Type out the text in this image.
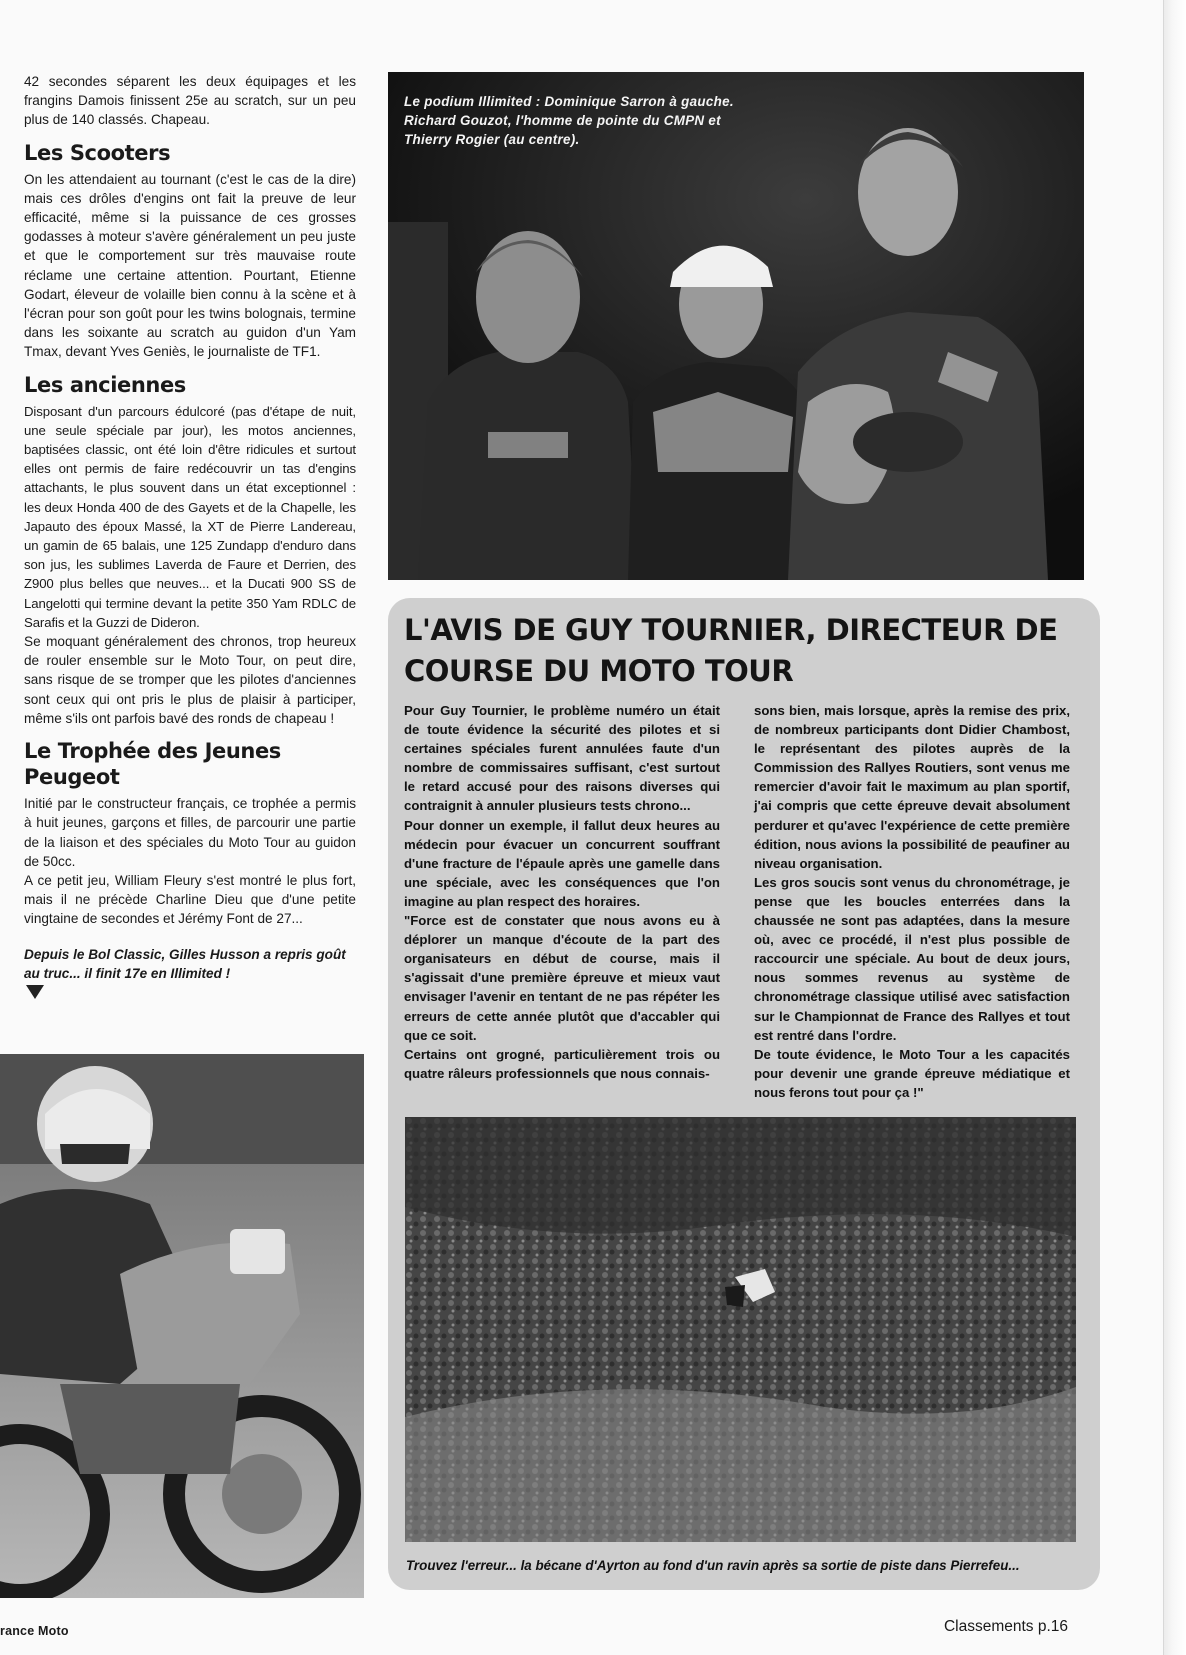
42 secondes séparent les deux équipages et les frangins Damois finissent 25e au scratch, sur un peu plus de 140 classés. Chapeau.

Les Scooters

On les attendaient au tournant (c'est le cas de la dire) mais ces drôles d'engins ont fait la preuve de leur efficacité, même si la puissance de ces grosses godasses à moteur s'avère généralement un peu juste et que le comportement sur très mauvaise route réclame une certaine attention. Pourtant, Etienne Godart, éleveur de volaille bien connu à la scène et à l'écran pour son goût pour les twins bolognais, termine dans les soixante au scratch au guidon d'un Yam Tmax, devant Yves Geniès, le journaliste de TF1.

Les anciennes

Disposant d'un parcours édulcoré (pas d'étape de nuit, une seule spéciale par jour), les motos anciennes, baptisées classic, ont été loin d'être ridicules et surtout elles ont permis de faire redécouvrir un tas d'engins attachants, le plus souvent dans un état exceptionnel : les deux Honda 400 de des Gayets et de la Chapelle, les Japauto des époux Massé, la XT de Pierre Landereau, un gamin de 65 balais, une 125 Zundapp d'enduro dans son jus, les sublimes Laverda de Faure et Derrien, des Z900 plus belles que neuves... et la Ducati 900 SS de Langelotti qui termine devant la petite 350 Yam RDLC de Sarafis et la Guzzi de Dideron.

Se moquant généralement des chronos, trop heureux de rouler ensemble sur le Moto Tour, on peut dire, sans risque de se tromper que les pilotes d'anciennes sont ceux qui ont pris le plus de plaisir à participer, même s'ils ont parfois bavé des ronds de chapeau !

Le Trophée des Jeunes Peugeot

Initié par le constructeur français, ce trophée a permis à huit jeunes, garçons et filles, de parcourir une partie de la liaison et des spéciales du Moto Tour au guidon de 50cc.

A ce petit jeu, William Fleury s'est montré le plus fort, mais il ne précède Charline Dieu que d'une petite vingtaine de secondes et Jérémy Font de 27...

Depuis le Bol Classic, Gilles Husson a repris goût au truc... il finit 17e en Illimited !
Le podium Illimited : Dominique Sarron à gauche. Richard Gouzot, l'homme de pointe du CMPN et Thierry Rogier (au centre).
L'AVIS DE GUY TOURNIER, DIRECTEUR DE COURSE DU MOTO TOUR

Pour Guy Tournier, le problème numéro un était de toute évidence la sécurité des pilotes et si certaines spéciales furent annulées faute d'un nombre de commissaires suffisant, c'est surtout le retard accusé pour des raisons diverses qui contraignit à annuler plusieurs tests chrono...
Pour donner un exemple, il fallut deux heures au médecin pour évacuer un concurrent souffrant d'une fracture de l'épaule après une gamelle dans une spéciale, avec les conséquences que l'on imagine au plan respect des horaires.
"Force est de constater que nous avons eu à déplorer un manque d'écoute de la part des organisateurs en début de course, mais il s'agissait d'une première épreuve et mieux vaut envisager l'avenir en tentant de ne pas répéter les erreurs de cette année plutôt que d'accabler qui que ce soit.
Certains ont grogné, particulièrement trois ou quatre râleurs professionnels que nous connais-

sons bien, mais lorsque, après la remise des prix, de nombreux participants dont Didier Chambost, le représentant des pilotes auprès de la Commission des Rallyes Routiers, sont venus me remercier d'avoir fait le maximum au plan sportif, j'ai compris que cette épreuve devait absolument perdurer et qu'avec l'expérience de cette première édition, nous avions la possibilité de peaufiner au niveau organisation.
Les gros soucis sont venus du chronométrage, je pense que les boucles enterrées dans la chaussée ne sont pas adaptées, dans la mesure où, avec ce procédé, il n'est plus possible de raccourcir une spéciale. Au bout de deux jours, nous sommes revenus au système de chronométrage classique utilisé avec satisfaction sur le Championnat de France des Rallyes et tout est rentré dans l'ordre.
De toute évidence, le Moto Tour a les capacités pour devenir une grande épreuve médiatique et nous ferons tout pour ça !"

Trouvez l'erreur... la bécane d'Ayrton au fond d'un ravin après sa sortie de piste dans Pierrefeu...

rance Moto	Classements p.16
